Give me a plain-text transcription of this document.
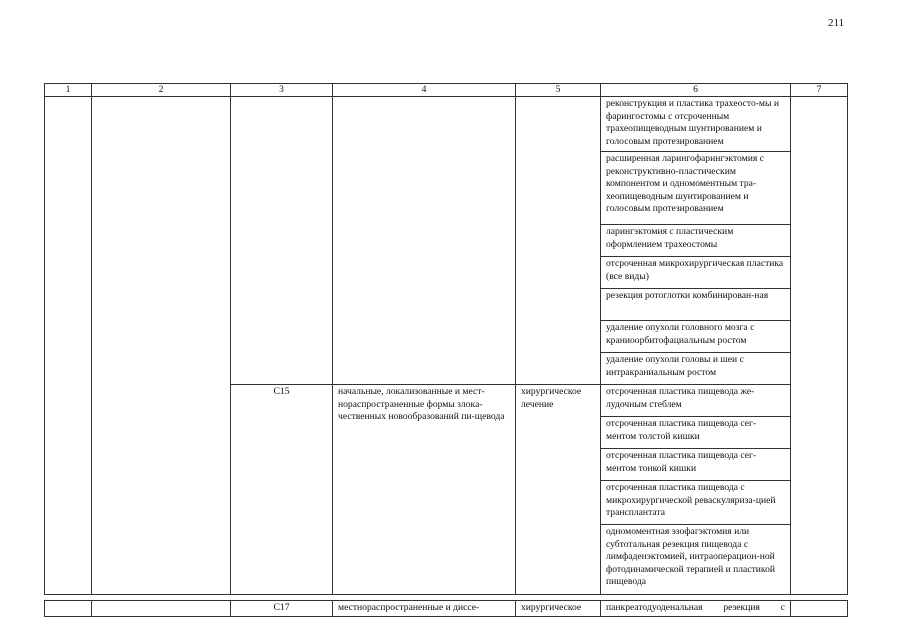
211
1	2	3	4	5	6	7
					реконструкция и пластика трахеосто-мы и фарингостомы с отсроченным трахеопищеводным шунтированием и голосовым протезированием	
					расширенная ларингофарингэктомия с реконструктивно-пластическим компонентом и одномоментным тра-хеопищеводным шунтированием и голосовым протезированием	
					ларингэктомия с пластическим оформлением трахеостомы	
					отсроченная микрохирургическая пластика (все виды)	
					резекция ротоглотки комбинирован-ная	
					удаление опухоли головного мозга с краниоорбитофациальным ростом	
					удаление опухоли головы и шеи с интракраниальным ростом	
		C15	начальные, локализованные и мест-нораспространенные формы злока-чественных новообразований пи-щевода	хирургическое лечение	отсроченная пластика пищевода же-лудочным стеблем	
					отсроченная пластика пищевода сег-ментом толстой кишки	
					отсроченная пластика пищевода сег-ментом тонкой кишки	
					отсроченная пластика пищевода с микрохирургической реваскуляриза-цией трансплантата	
					одномоментная эзофагэктомия или субтотальная резекция пищевода с лимфаденэктомией, интраоперацион-ной фотодинамической терапией и пластикой пищевода	
		C17	местнораспространенные и диссе-	хирургическое	панкреатодуоденальная резекция с	
